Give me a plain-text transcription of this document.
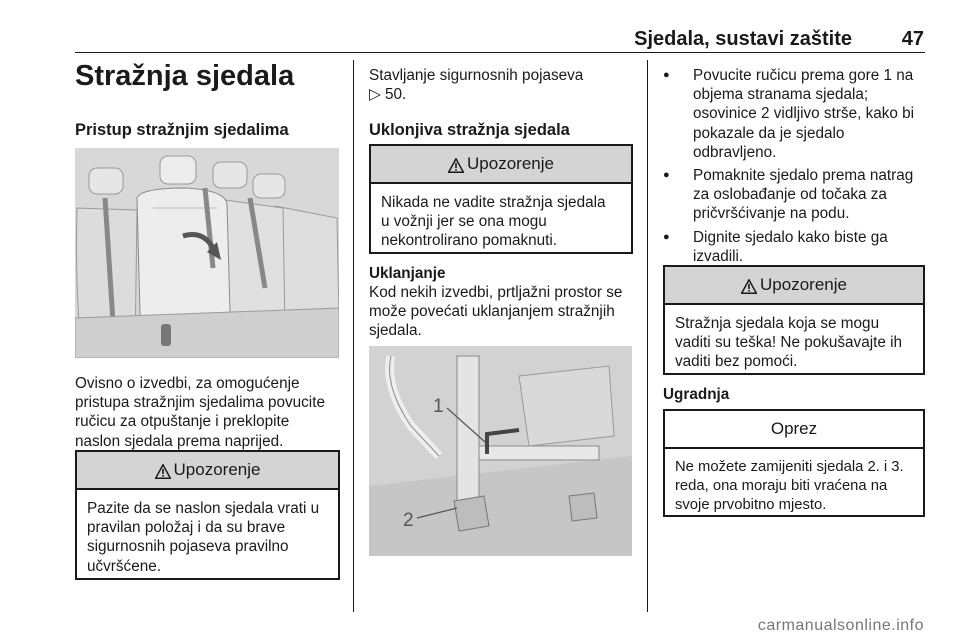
Sjedala, sustavi zaštite 47
Stražnja sjedala
Pristup stražnjim sjedalima
Ovisno o izvedbi, za omogućenje
pristupa stražnjim sjedalima povucite
ručicu za otpuštanje i preklopite
naslon sjedala prema naprijed.
Upozorenje
Pazite da se naslon sjedala vrati u
pravilan položaj i da su brave
sigurnosnih pojaseva pravilno
učvršćene.
Stavljanje sigurnosnih pojaseva
▷ 50.
Uklonjiva stražnja sjedala
Upozorenje
Nikada ne vadite stražnja sjedala
u vožnji jer se ona mogu
nekontrolirano pomaknuti.
Uklanjanje
Kod nekih izvedbi, prtljažni prostor se
može povećati uklanjanjem stražnjih
sjedala.
1
2
● Povucite ručicu prema gore 1 na
objema stranama sjedala;
osovinice 2 vidljivo strše, kako bi
pokazale da je sjedalo
odbravljeno.
● Pomaknite sjedalo prema natrag
za oslobađanje od točaka za
pričvršćivanje na podu.
● Dignite sjedalo kako biste ga
izvadili.
Upozorenje
Stražnja sjedala koja se mogu
vaditi su teška! Ne pokušavajte ih
vaditi bez pomoći.
Ugradnja
Oprez
Ne možete zamijeniti sjedala 2. i 3.
reda, ona moraju biti vraćena na
svoje prvobitno mjesto.
carmanualsonline.info
